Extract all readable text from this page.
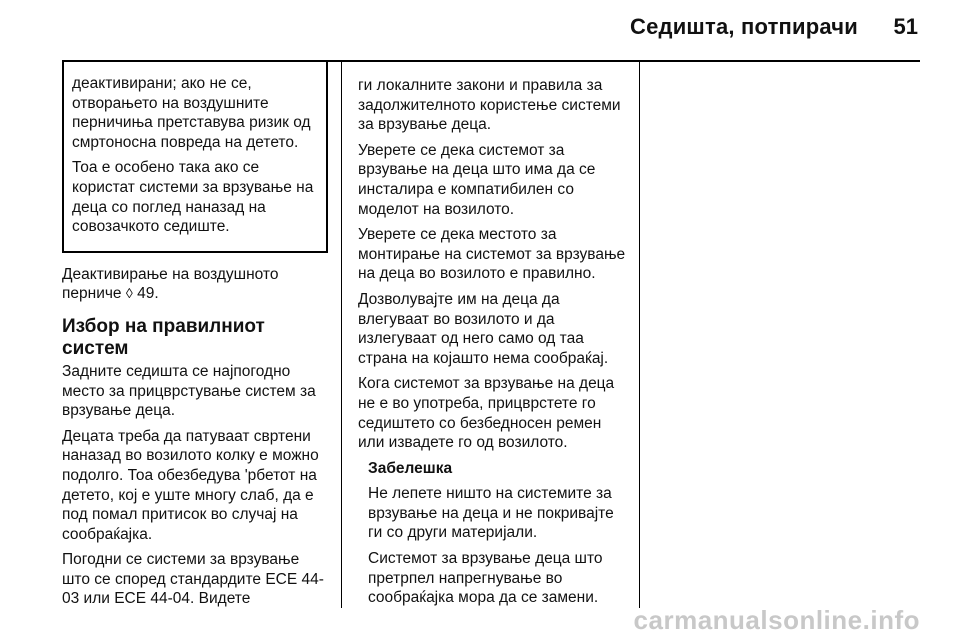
Седишта, потпирачи 51

деактивирани; ако не се, отворањето на воздушните перничиња претставува ризик од смртоносна повреда на детето.

Тоа е особено така ако се користат системи за врзување на деца со поглед наназад на совозачкото седиште.

Деактивирање на воздушното перниче ◊ 49.

Избор на правилниот систем

Задните седишта се најпогодно место за прицврстување систем за врзување деца.

Децата треба да патуваат свртени наназад во возилото колку е можно подолго. Тоа обезбедува 'рбетот на детето, кој е уште многу слаб, да е под помал притисок во случај на сообраќајка.

Погодни се системи за врзување што се според стандардите ECE 44-03 или ECE 44-04. Видете

ги локалните закони и правила за задолжителното користење системи за врзување деца.

Уверете се дека системот за врзување на деца што има да се инсталира е компатибилен со моделот на возилото.

Уверете се дека местото за монтирање на системот за врзување на деца во возилото е правилно.

Дозволувајте им на деца да влегуваат во возилото и да излегуваат од него само од таа страна на којашто нема сообраќај.

Кога системот за врзување на деца не е во употреба, прицврстете го седиштето со безбедносен ремен или извадете го од возилото.

Забелешка

Не лепете ништо на системите за врзување на деца и не покривајте ги со други материјали.

Системот за врзување деца што претрпел напрегнување во сообраќајка мора да се замени.

carmanualsonline.info
